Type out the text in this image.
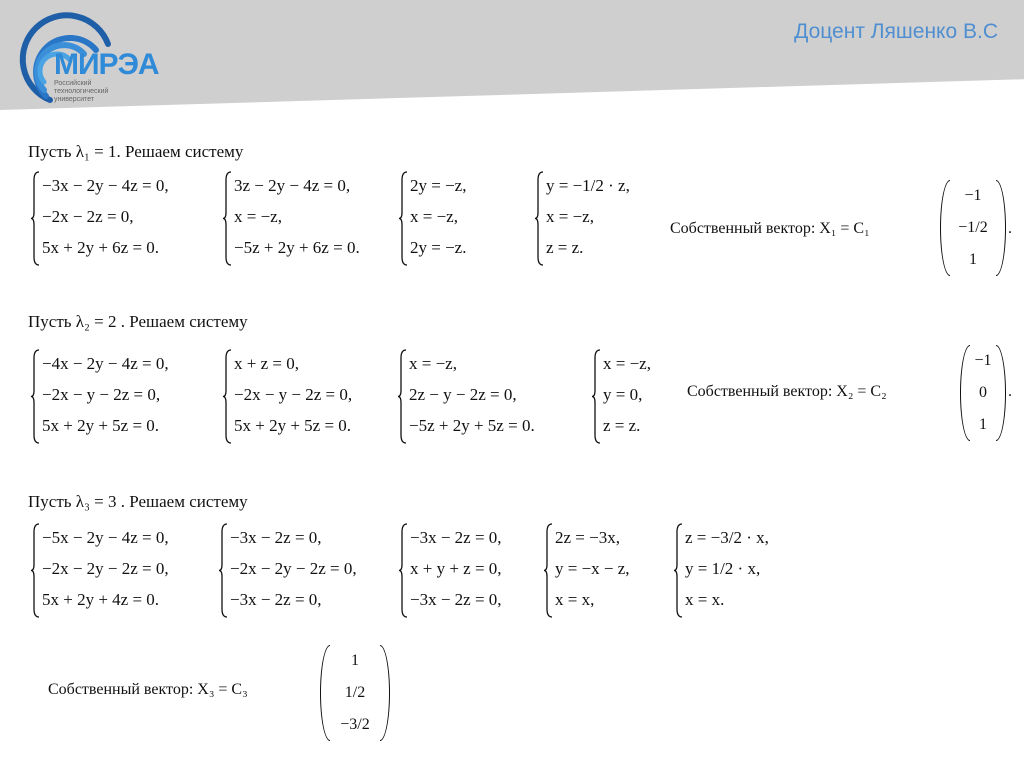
МИРЭА
Российский технологический университет
Доцент Ляшенко В.С
Пусть λ₁ = 1. Решаем систему
−3x − 2y − 4z = 0,
−2x − 2z = 0,
5x + 2y + 6z = 0.
3z − 2y − 4z = 0,
x = −z,
−5z + 2y + 6z = 0.
2y = −z,
x = −z,
2y = −z.
y = −1/2 · z,
x = −z,
z = z.
Собственный вектор: X₁ = C₁
−1
−1/2
1
.
Пусть λ₂ = 2 . Решаем систему
−4x − 2y − 4z = 0,
−2x − y − 2z = 0,
5x + 2y + 5z = 0.
x + z = 0,
−2x − y − 2z = 0,
5x + 2y + 5z = 0.
x = −z,
2z − y − 2z = 0,
−5z + 2y + 5z = 0.
x = −z,
y = 0,
z = z.
Собственный вектор: X₂ = C₂
−1
0
1
.
Пусть λ₃ = 3 . Решаем систему
−5x − 2y − 4z = 0,
−2x − 2y − 2z = 0,
5x + 2y + 4z = 0.
−3x − 2z = 0,
−2x − 2y − 2z = 0,
−3x − 2z = 0,
−3x − 2z = 0,
x + y + z = 0,
−3x − 2z = 0,
2z = −3x,
y = −x − z,
x = x,
z = −3/2 · x,
y = 1/2 · x,
x = x.
Собственный вектор: X₃ = C₃
1
1/2
−3/2
